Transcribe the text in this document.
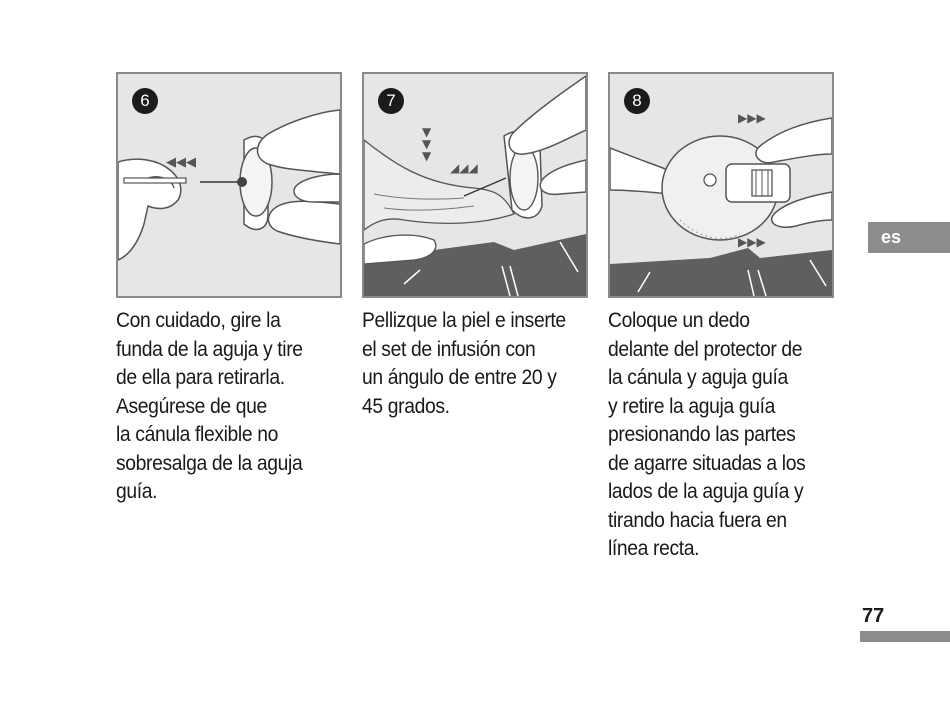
◀◀◀
6
▼
▼
▼
◢◢◢
7
▶▶▶
▶▶▶
8
Con cuidado, gire la
funda de la aguja y tire
de ella para retirarla.
Asegúrese de que
la cánula flexible no
sobresalga de la aguja
guía.
Pellizque la piel e inserte
el set de infusión con
un ángulo de entre 20 y
45 grados.
Coloque un dedo
delante del protector de
la cánula y aguja guía
y retire la aguja guía
presionando las partes
de agarre situadas a los
lados de la aguja guía y
tirando hacia fuera en
línea recta.
es
77
